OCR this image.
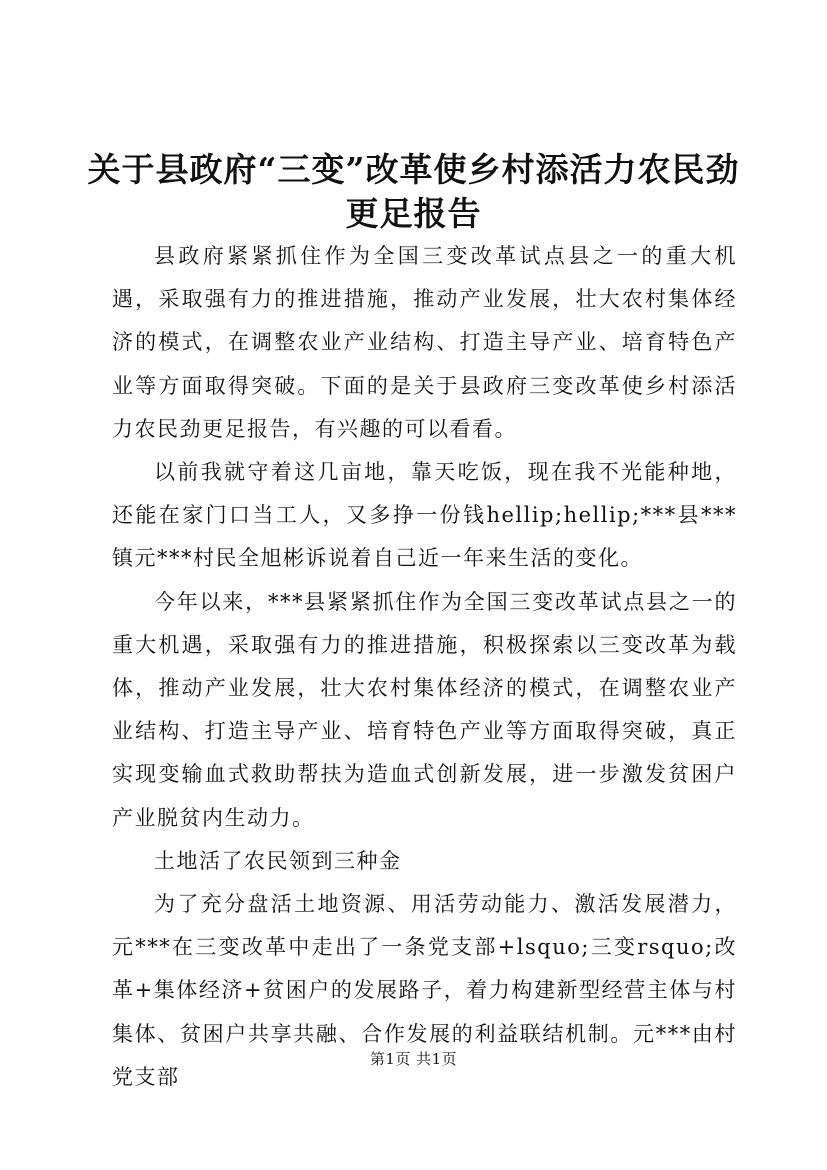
关于县政府“三变”改革使乡村添活力农民劲
更足报告

县政府紧紧抓住作为全国三变改革试点县之一的重大机遇，采取强有力的推进措施，推动产业发展，壮大农村集体经济的模式，在调整农业产业结构、打造主导产业、培育特色产业等方面取得突破。下面的是关于县政府三变改革使乡村添活力农民劲更足报告，有兴趣的可以看看。

以前我就守着这几亩地，靠天吃饭，现在我不光能种地，还能在家门口当工人，又多挣一份钱hellip;hellip;***县***镇元***村民全旭彬诉说着自己近一年来生活的变化。

今年以来，***县紧紧抓住作为全国三变改革试点县之一的重大机遇，采取强有力的推进措施，积极探索以三变改革为载体，推动产业发展，壮大农村集体经济的模式，在调整农业产业结构、打造主导产业、培育特色产业等方面取得突破，真正实现变输血式救助帮扶为造血式创新发展，进一步激发贫困户产业脱贫内生动力。

土地活了农民领到三种金

为了充分盘活土地资源、用活劳动能力、激活发展潜力，元***在三变改革中走出了一条党支部+lsquo;三变rsquo;改革+集体经济+贫困户的发展路子，着力构建新型经营主体与村集体、贫困户共享共融、合作发展的利益联结机制。元***由村党支部

第1页 共1页
